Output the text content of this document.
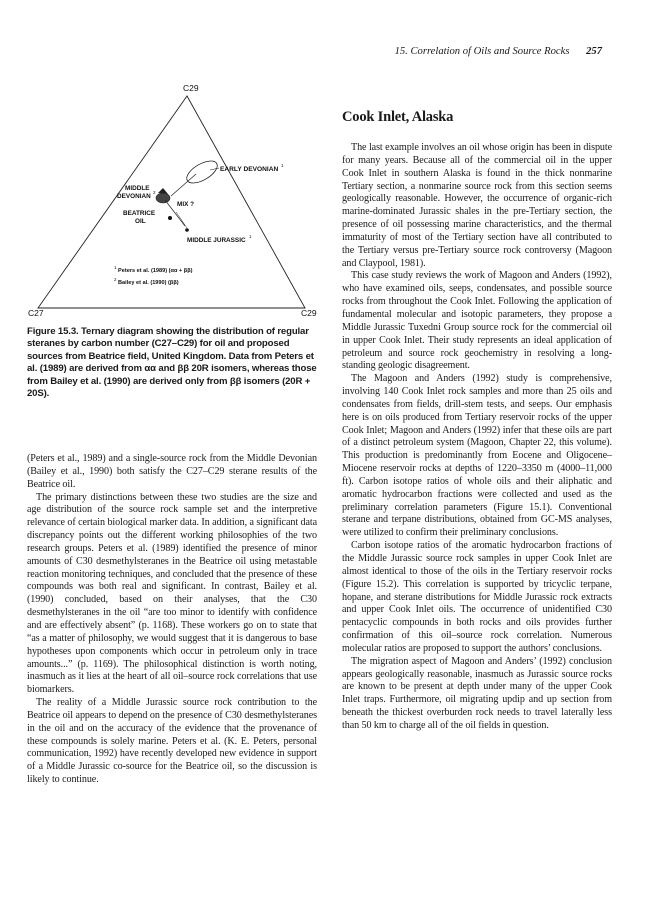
15. Correlation of Oils and Source Rocks 257
C29
C27	C29
EARLY DEVONIAN
1
MIDDLE
DEVONIAN
2
MIX ?
BEATRICE
OIL
MIDDLE JURASSIC
1
1
Peters et al. (1989) (αα + ββ)
2
Bailey et al. (1990) (ββ)
Figure 15.3. Ternary diagram showing the distribution of regular steranes by carbon number (C27–C29) for oil and proposed sources from Beatrice field, United Kingdom. Data from Peters et al. (1989) are derived from αα and ββ 20R isomers, whereas those from Bailey et al. (1990) are derived only from ββ isomers (20R + 20S).

(Peters et al., 1989) and a single-source rock from the Middle Devonian (Bailey et al., 1990) both satisfy the C27–C29 sterane results of the Beatrice oil.

The primary distinctions between these two studies are the size and age distribution of the source rock sample set and the interpretive relevance of certain biological marker data. In addition, a significant data discrepancy points out the different working philosophies of the two research groups. Peters et al. (1989) identified the presence of minor amounts of C30 desmethylsteranes in the Beatrice oil using metastable reaction monitoring techniques, and concluded that the presence of these compounds was both real and significant. In contrast, Bailey et al. (1990) concluded, based on their analyses, that the C30 desmethylsteranes in the oil “are too minor to identify with confidence and are effectively absent” (p. 1168). These workers go on to state that “as a matter of philosophy, we would suggest that it is dangerous to base hypotheses upon components which occur in petroleum only in trace amounts...” (p. 1169). The philosophical distinction is worth noting, inasmuch as it lies at the heart of all oil–source rock correlations that use biomarkers.

The reality of a Middle Jurassic source rock contribution to the Beatrice oil appears to depend on the presence of C30 desmethylsteranes in the oil and on the accuracy of the evidence that the provenance of these compounds is solely marine. Peters et al. (K. E. Peters, personal communication, 1992) have recently developed new evidence in support of a Middle Jurassic co-source for the Beatrice oil, so the discussion is likely to continue.

Cook Inlet, Alaska

The last example involves an oil whose origin has been in dispute for many years. Because all of the commercial oil in the upper Cook Inlet in southern Alaska is found in the thick nonmarine Tertiary section, a nonmarine source rock from this section seems geologically reasonable. However, the occurrence of organic-rich marine-dominated Jurassic shales in the pre-Tertiary section, the presence of oil possessing marine characteristics, and the thermal immaturity of most of the Tertiary section have all contributed to the Tertiary versus pre-Tertiary source rock controversy (Magoon and Claypool, 1981).

This case study reviews the work of Magoon and Anders (1992), who have examined oils, seeps, condensates, and possible source rocks from throughout the Cook Inlet. Following the application of fundamental molecular and isotopic parameters, they propose a Middle Jurassic Tuxedni Group source rock for the commercial oil in upper Cook Inlet. Their study represents an ideal application of petroleum and source rock geochemistry in resolving a long-standing geologic disagreement.

The Magoon and Anders (1992) study is comprehensive, involving 140 Cook Inlet rock samples and more than 25 oils and condensates from fields, drill-stem tests, and seeps. Our emphasis here is on oils produced from Tertiary reservoir rocks of the upper Cook Inlet; Magoon and Anders (1992) infer that these oils are part of a distinct petroleum system (Magoon, Chapter 22, this volume). This production is predominantly from Eocene and Oligocene–Miocene reservoir rocks at depths of 1220–3350 m (4000–11,000 ft). Carbon isotope ratios of whole oils and their aliphatic and aromatic hydrocarbon fractions were collected and used as the preliminary correlation parameters (Figure 15.1). Conventional sterane and terpane distributions, obtained from GC-MS analyses, were utilized to confirm their preliminary conclusions.

Carbon isotope ratios of the aromatic hydrocarbon fractions of the Middle Jurassic source rock samples in upper Cook Inlet are almost identical to those of the oils in the Tertiary reservoir rocks (Figure 15.2). This correlation is supported by tricyclic terpane, hopane, and sterane distributions for Middle Jurassic rock extracts and upper Cook Inlet oils. The occurrence of unidentified C30 pentacyclic compounds in both rocks and oils provides further confirmation of this oil–source rock correlation. Numerous molecular ratios are proposed to support the authors’ conclusions.

The migration aspect of Magoon and Anders’ (1992) conclusion appears geologically reasonable, inasmuch as Jurassic source rocks are known to be present at depth under many of the upper Cook Inlet traps. Furthermore, oil migrating updip and up section from beneath the thickest overburden rock needs to travel laterally less than 50 km to charge all of the oil fields in question.
